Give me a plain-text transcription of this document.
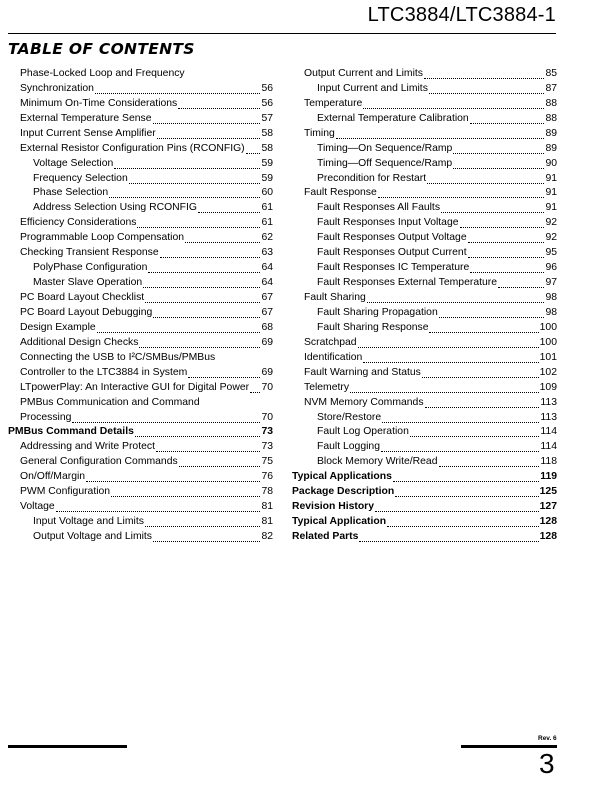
LTC3884/LTC3884-1
TABLE OF CONTENTS
Phase-Locked Loop and Frequency
Synchronization	56
Minimum On-Time Considerations	56
External Temperature Sense	57
Input Current Sense Amplifier	58
External Resistor Configuration Pins (RCONFIG) 58
Voltage Selection	59
Frequency Selection	59
Phase Selection	60
Address Selection Using RCONFIG	61
Efficiency Considerations	61
Programmable Loop Compensation	62
Checking Transient Response	63
PolyPhase Configuration	64
Master Slave Operation	64
PC Board Layout Checklist	67
PC Board Layout Debugging	67
Design Example	68
Additional Design Checks	69
Connecting the USB to I²C/SMBus/PMBus
Controller to the LTC3884 in System	69
LTpowerPlay: An Interactive GUI for Digital Power 70
PMBus Communication and Command
Processing	70
PMBus Command Details	73
Addressing and Write Protect	73
General Configuration Commands	75
On/Off/Margin	76
PWM Configuration	78
Voltage	81
Input Voltage and Limits	81
Output Voltage and Limits	82
Output Current and Limits	85
Input Current and Limits	87
Temperature	88
External Temperature Calibration	88
Timing	89
Timing—On Sequence/Ramp	89
Timing—Off Sequence/Ramp	90
Precondition for Restart	91
Fault Response	91
Fault Responses All Faults	91
Fault Responses Input Voltage	92
Fault Responses Output Voltage	92
Fault Responses Output Current	95
Fault Responses IC Temperature	96
Fault Responses External Temperature	97
Fault Sharing	98
Fault Sharing Propagation	98
Fault Sharing Response	100
Scratchpad	100
Identification	101
Fault Warning and Status	102
Telemetry	109
NVM Memory Commands	113
Store/Restore	113
Fault Log Operation	114
Fault Logging	114
Block Memory Write/Read	118
Typical Applications	119
Package Description	125
Revision History	127
Typical Application	128
Related Parts	128
Rev. 6
3
